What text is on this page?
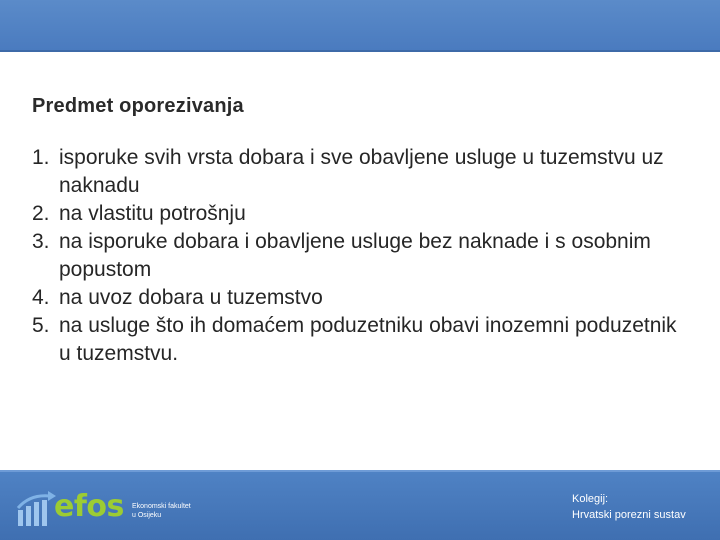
Predmet oporezivanja
1. isporuke svih vrsta dobara i sve obavljene usluge u tuzemstvu uz naknadu
2. na vlastitu potrošnju
3. na isporuke dobara i obavljene usluge bez naknade i s osobnim popustom
4. na uvoz dobara u tuzemstvo
5. na usluge što ih domaćem poduzetniku obavi inozemni poduzetnik u tuzemstvu.
efos Ekonomski fakultet
u Osijeku
Kolegij:
Hrvatski porezni sustav
